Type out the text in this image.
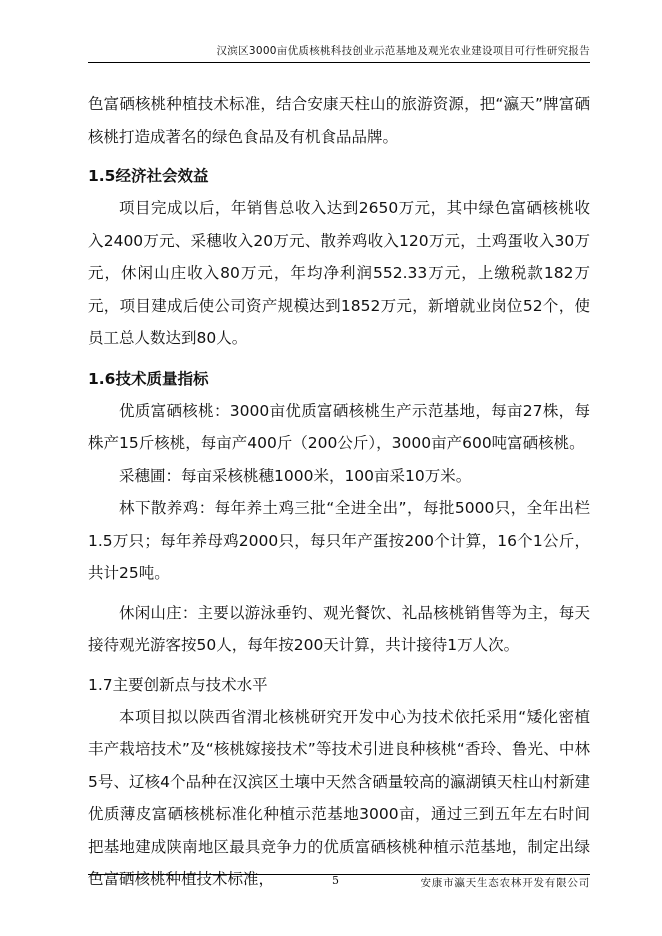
汉滨区3000亩优质核桃科技创业示范基地及观光农业建设项目可行性研究报告

色富硒核桃种植技术标准，结合安康天柱山的旅游资源，把“瀛天”牌富硒核桃打造成著名的绿色食品及有机食品品牌。

1.5经济社会效益

项目完成以后，年销售总收入达到2650万元，其中绿色富硒核桃收入2400万元、采穗收入20万元、散养鸡收入120万元，土鸡蛋收入30万元，休闲山庄收入80万元，年均净利润552.33万元，上缴税款182万元，项目建成后使公司资产规模达到1852万元，新增就业岗位52个，使员工总人数达到80人。

1.6技术质量指标

优质富硒核桃：3000亩优质富硒核桃生产示范基地，每亩27株，每株产15斤核桃，每亩产400斤（200公斤），3000亩产600吨富硒核桃。

采穗圃：每亩采核桃穗1000米，100亩采10万米。

林下散养鸡：每年养土鸡三批“全进全出”，每批5000只，全年出栏1.5万只；每年养母鸡2000只，每只年产蛋按200个计算，16个1公斤，共计25吨。

休闲山庄：主要以游泳垂钓、观光餐饮、礼品核桃销售等为主，每天接待观光游客按50人，每年按200天计算，共计接待1万人次。

1.7主要创新点与技术水平

本项目拟以陕西省渭北核桃研究开发中心为技术依托采用“矮化密植丰产栽培技术”及“核桃嫁接技术”等技术引进良种核桃“香玲、鲁光、中林5号、辽核4个品种在汉滨区土壤中天然含硒量较高的瀛湖镇天柱山村新建优质薄皮富硒核桃标准化种植示范基地3000亩，通过三到五年左右时间把基地建成陕南地区最具竞争力的优质富硒核桃种植示范基地，制定出绿色富硒核桃种植技术标准，	5	安康市瀛天生态农林开发有限公司
